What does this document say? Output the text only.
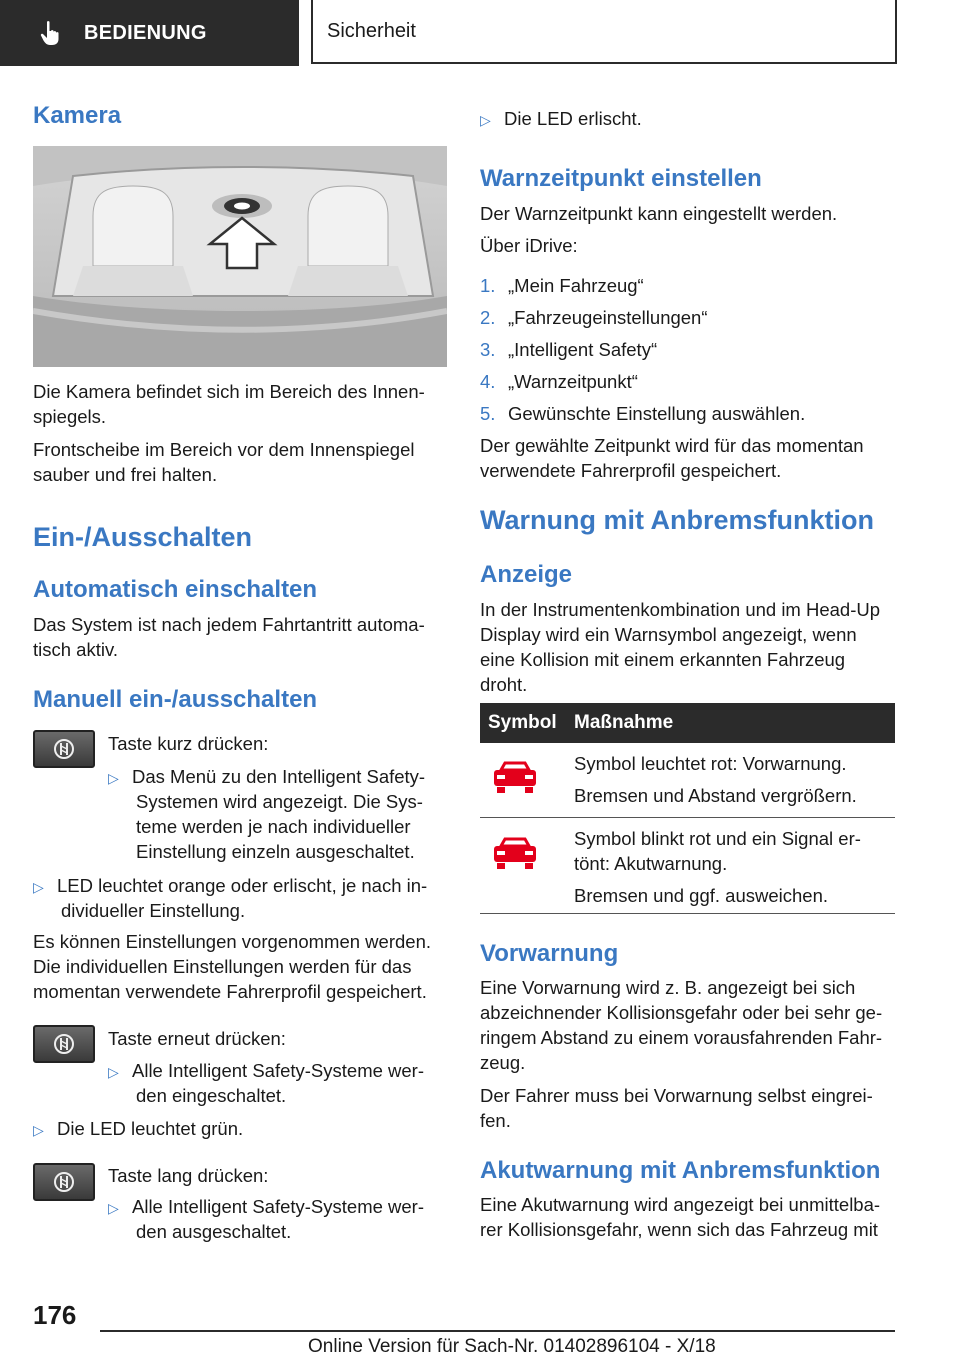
BEDIENUNG	Sicherheit
Kamera

Die Kamera befindet sich im Bereich des Innen-

spiegels.

Frontscheibe im Bereich vor dem Innenspiegel

sauber und frei halten.

Ein-/Ausschalten
Automatisch einschalten

Das System ist nach jedem Fahrtantritt automa-

tisch aktiv.

Manuell ein-/ausschalten

Taste kurz drücken:

▷ Das Menü zu den Intelligent Safety-

Systemen wird angezeigt. Die Sys-

teme werden je nach individueller

Einstellung einzeln ausgeschaltet.

▷ LED leuchtet orange oder erlischt, je nach in-

dividueller Einstellung.

Es können Einstellungen vorgenommen werden.

Die individuellen Einstellungen werden für das

momentan verwendete Fahrerprofil gespeichert.

Taste erneut drücken:

▷ Alle Intelligent Safety-Systeme wer-

den eingeschaltet.

▷ Die LED leuchtet grün.

Taste lang drücken:

▷ Alle Intelligent Safety-Systeme wer-

den ausgeschaltet.

▷ Die LED erlischt.

Warnzeitpunkt einstellen

Der Warnzeitpunkt kann eingestellt werden.

Über iDrive:

1. „Mein Fahrzeug“

2. „Fahrzeugeinstellungen“

3. „Intelligent Safety“

4. „Warnzeitpunkt“

5. Gewünschte Einstellung auswählen.

Der gewählte Zeitpunkt wird für das momentan

verwendete Fahrerprofil gespeichert.

Warnung mit Anbremsfunktion
Anzeige

In der Instrumentenkombination und im Head-Up

Display wird ein Warnsymbol angezeigt, wenn

eine Kollision mit einem erkannten Fahrzeug

droht.

Symbol Maßnahme

Symbol leuchtet rot: Vorwarnung.

Bremsen und Abstand vergrößern.

Symbol blinkt rot und ein Signal er-

tönt: Akutwarnung.

Bremsen und ggf. ausweichen.

Vorwarnung

Eine Vorwarnung wird z. B. angezeigt bei sich

abzeichnender Kollisionsgefahr oder bei sehr ge-

ringem Abstand zu einem vorausfahrenden Fahr-

zeug.

Der Fahrer muss bei Vorwarnung selbst eingrei-

fen.

Akutwarnung mit Anbremsfunktion

Eine Akutwarnung wird angezeigt bei unmittelba-

rer Kollisionsgefahr, wenn sich das Fahrzeug mit

176
Online Version für Sach-Nr. 01402896104 - X/18
